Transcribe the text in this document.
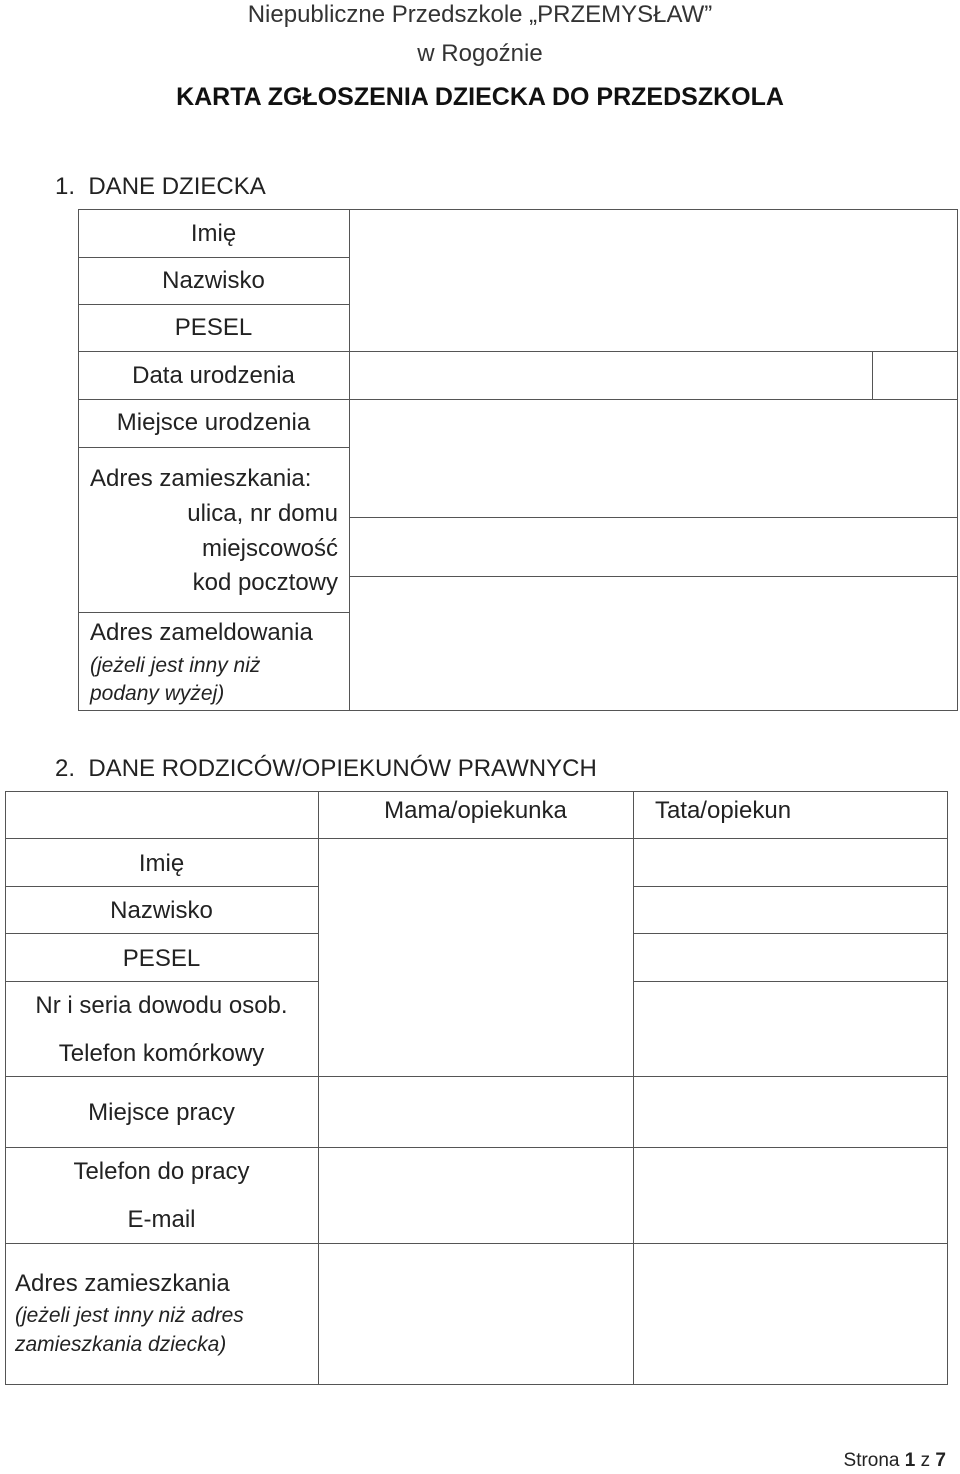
Niepubliczne Przedszkole „PRZEMYSŁAW”
w Rogoźnie
KARTA ZGŁOSZENIA DZIECKA DO PRZEDSZKOLA
1.  DANE DZIECKA
Imię
Nazwisko
PESEL
Data urodzenia
Miejsce urodzenia
Adres zamieszkania:
ulica, nr domu
miejscowość
kod pocztowy
Adres zameldowania
(jeżeli jest inny niż
podany wyżej)
2.  DANE RODZICÓW/OPIEKUNÓW PRAWNYCH
Mama/opiekunka	Tata/opiekun
Imię
Nazwisko
PESEL
Nr i seria dowodu osob.
Telefon komórkowy
Miejsce pracy
Telefon do pracy
E-mail
Adres zamieszkania
(jeżeli jest inny niż adres
zamieszkania dziecka)
Strona 1 z 7
